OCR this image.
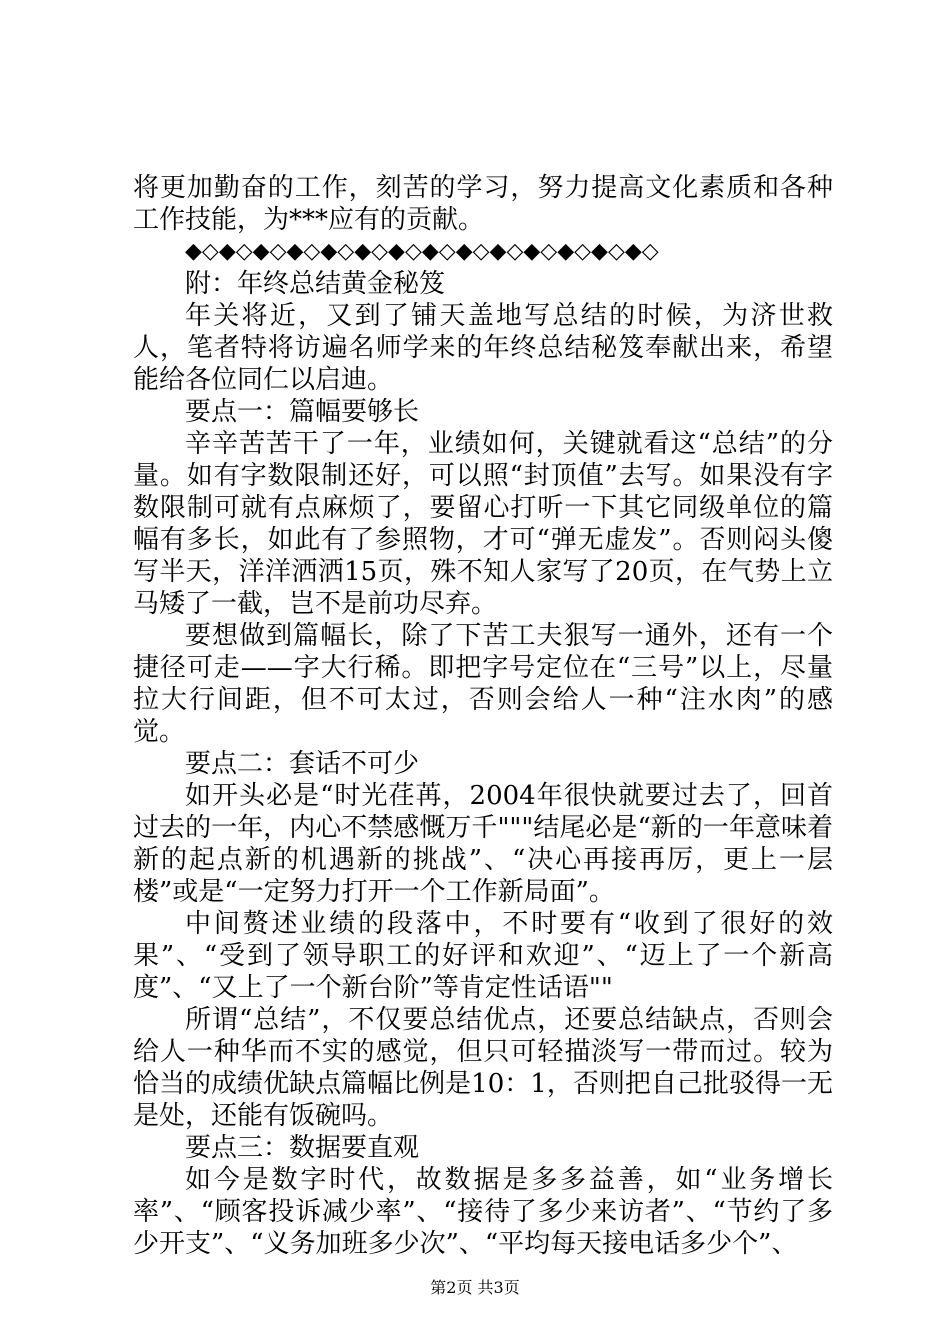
将更加勤奋的工作，刻苦的学习，努力提高文化素质和各种工作技能，为***应有的贡献。

◆◇◆◇◆◇◆◇◆◇◆◇◆◇◆◇◆◇◆◇◆◇◆◇◆◇◆◇

附：年终总结黄金秘笈

年关将近，又到了铺天盖地写总结的时候，为济世救人，笔者特将访遍名师学来的年终总结秘笈奉献出来，希望能给各位同仁以启迪。

要点一：篇幅要够长

辛辛苦苦干了一年，业绩如何，关键就看这“总结”的分量。如有字数限制还好，可以照“封顶值”去写。如果没有字数限制可就有点麻烦了，要留心打听一下其它同级单位的篇幅有多长，如此有了参照物，才可“弹无虚发”。否则闷头傻写半天，洋洋洒洒15页，殊不知人家写了20页，在气势上立马矮了一截，岂不是前功尽弃。

要想做到篇幅长，除了下苦工夫狠写一通外，还有一个捷径可走——字大行稀。即把字号定位在“三号”以上，尽量拉大行间距，但不可太过，否则会给人一种“注水肉”的感觉。

要点二：套话不可少

如开头必是“时光荏苒，2004年很快就要过去了，回首过去的一年，内心不禁感慨万千"""结尾必是“新的一年意味着新的起点新的机遇新的挑战”、“决心再接再厉，更上一层楼”或是“一定努力打开一个工作新局面”。

中间赘述业绩的段落中，不时要有“收到了很好的效果”、“受到了领导职工的好评和欢迎”、“迈上了一个新高度”、“又上了一个新台阶”等肯定性话语""

所谓“总结”，不仅要总结优点，还要总结缺点，否则会给人一种华而不实的感觉，但只可轻描淡写一带而过。较为恰当的成绩优缺点篇幅比例是10：1，否则把自己批驳得一无是处，还能有饭碗吗。

要点三：数据要直观

如今是数字时代，故数据是多多益善，如“业务增长率”、“顾客投诉减少率”、“接待了多少来访者”、“节约了多少开支”、“义务加班多少次”、“平均每天接电话多少个”、

第2页 共3页
